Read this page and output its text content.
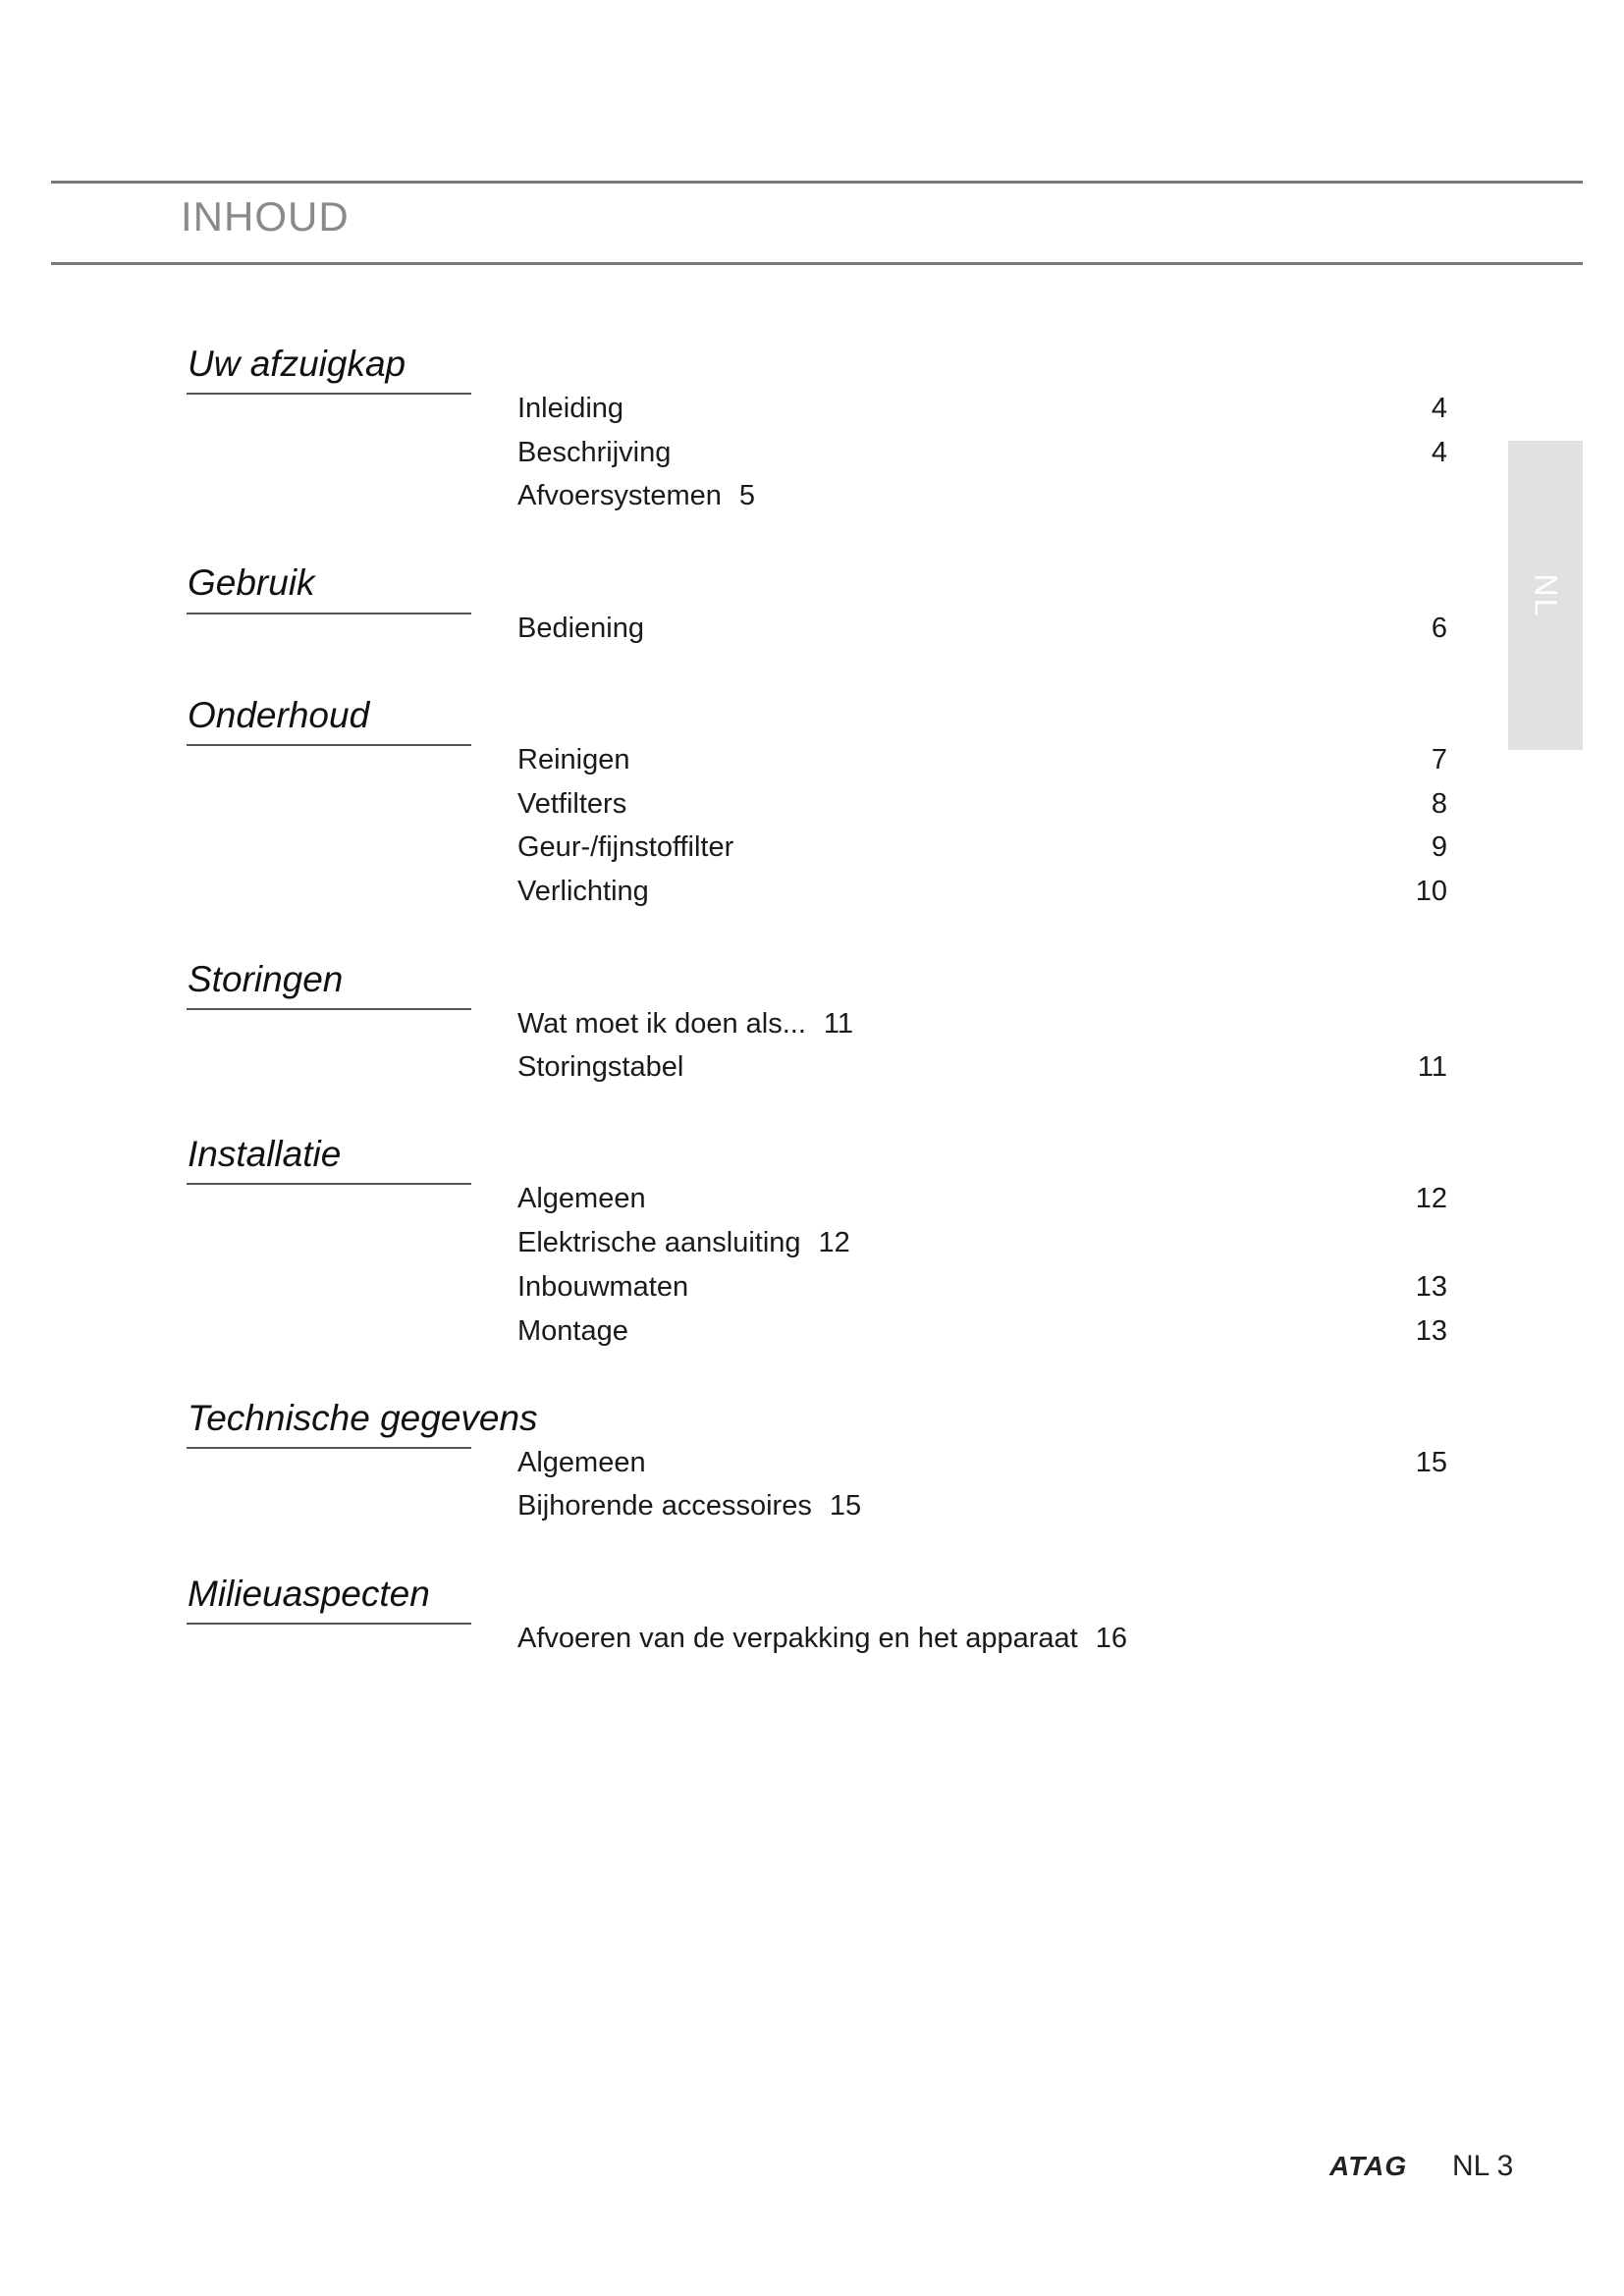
INHOUD
NL
Uw afzuigkap
Inleiding	4
Beschrijving	4
Afvoersystemen 5
Gebruik
Bediening	6
Onderhoud
Reinigen	7
Vetfilters	8
Geur-/fijnstoffilter	9
Verlichting	10
Storingen
Wat moet ik doen als... 11
Storingstabel	11
Installatie
Algemeen	12
Elektrische aansluiting 12
Inbouwmaten	13
Montage	13
Technische gegevens
Algemeen	15
Bijhorende accessoires 15
Milieuaspecten
Afvoeren van de verpakking en het apparaat 16
ATAG NL 3
